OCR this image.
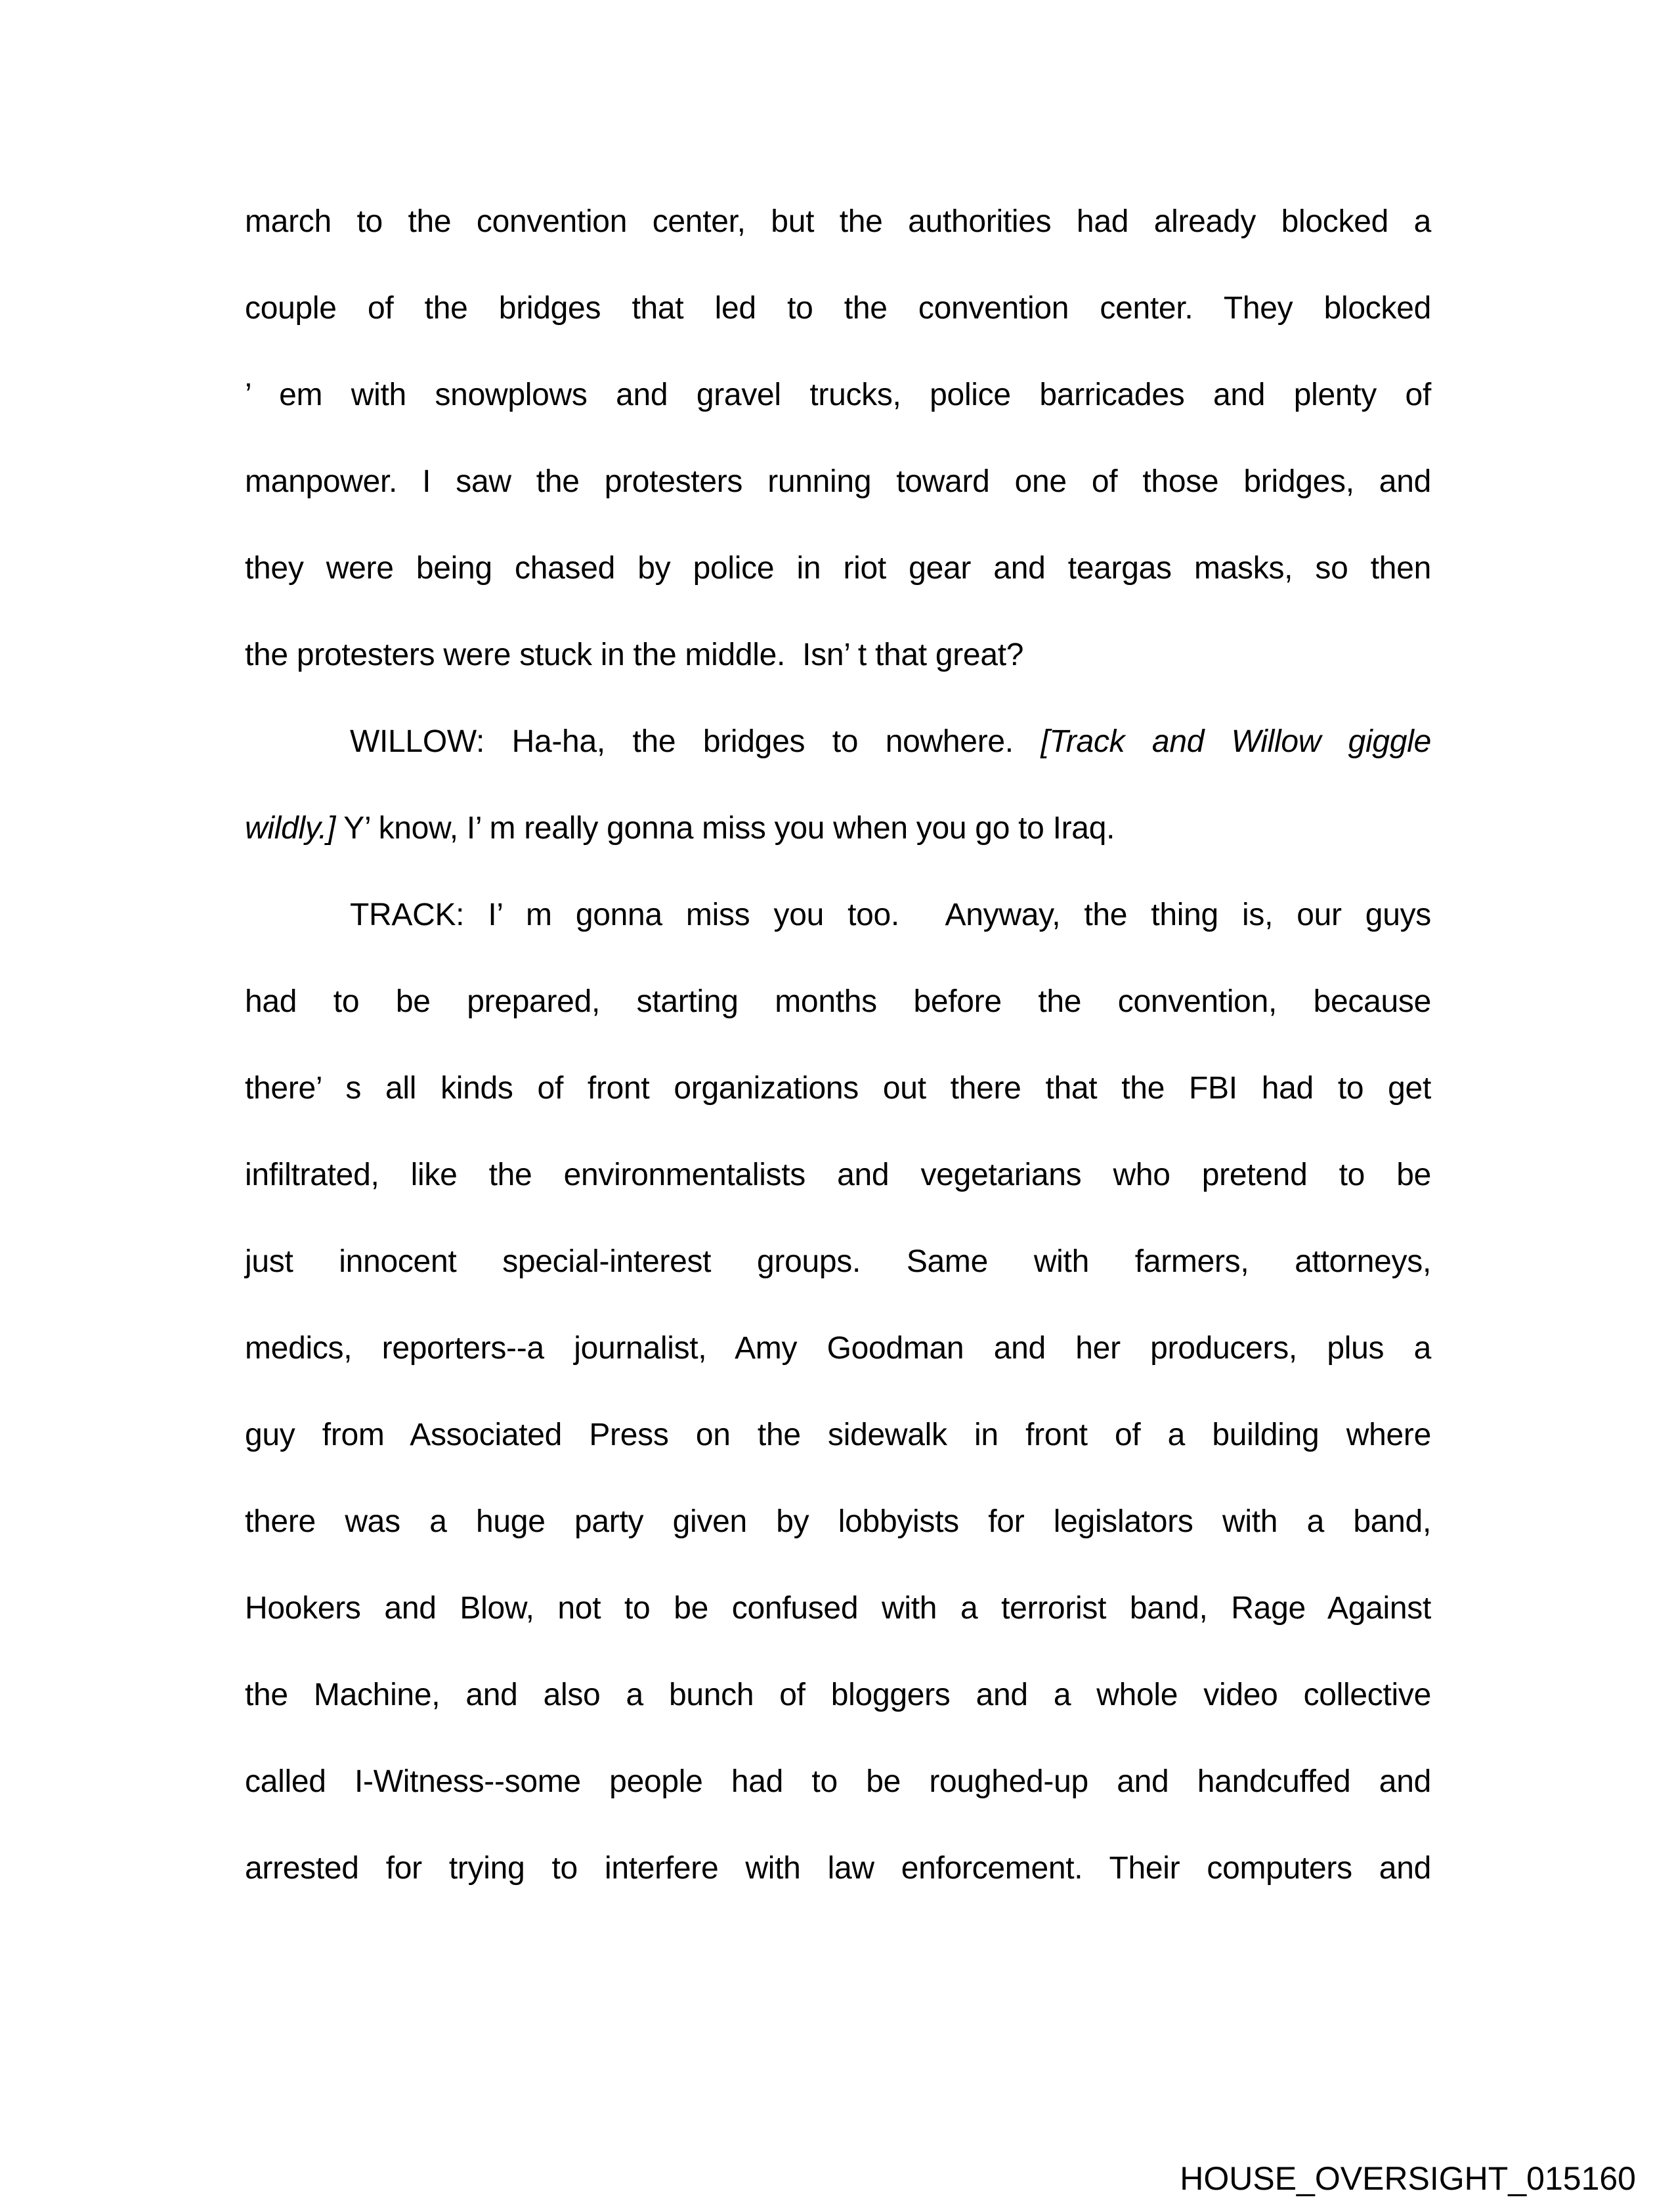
march to the convention center, but the authorities had already blocked a
couple of the bridges that led to the convention center. They blocked
’ em with snowplows and gravel trucks, police barricades and plenty of
manpower. I saw the protesters running toward one of those bridges, and
they were being chased by police in riot gear and teargas masks, so then
the protesters were stuck in the middle.  Isn’ t that great?
WILLOW: Ha-ha, the bridges to nowhere. [Track and Willow giggle
wildly.] Y’ know, I’ m really gonna miss you when you go to Iraq.
TRACK: I’ m gonna miss you too.  Anyway, the thing is, our guys
had to be prepared, starting months before the convention, because
there’ s all kinds of front organizations out there that the FBI had to get
infiltrated, like the environmentalists and vegetarians who pretend to be
just innocent special-interest groups. Same with farmers, attorneys,
medics, reporters--a journalist, Amy Goodman and her producers, plus a
guy from Associated Press on the sidewalk in front of a building where
there was a huge party given by lobbyists for legislators with a band,
Hookers and Blow, not to be confused with a terrorist band, Rage Against
the Machine, and also a bunch of bloggers and a whole video collective
called I-Witness--some people had to be roughed-up and handcuffed and
arrested for trying to interfere with law enforcement. Their computers and
HOUSE_OVERSIGHT_015160
